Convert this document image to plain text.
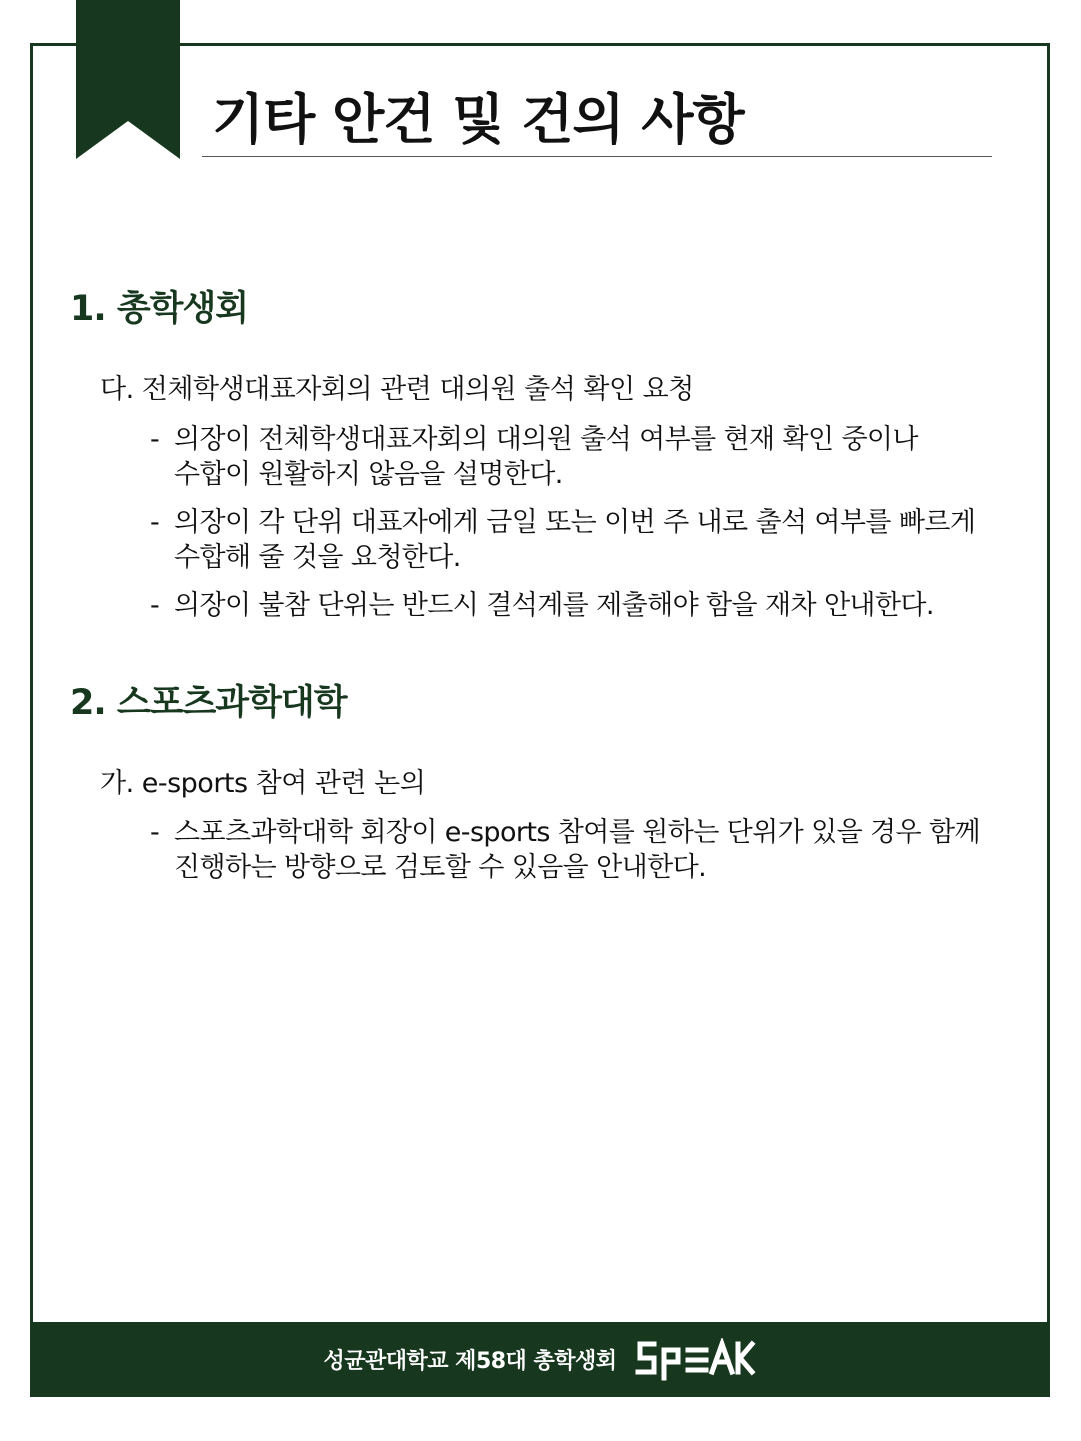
기타 안건 및 건의 사항
1. 총학생회

다. 전체학생대표자회의 관련 대의원 출석 확인 요청

- 의장이 전체학생대표자회의 대의원 출석 여부를 현재 확인 중이나
수합이 원활하지 않음을 설명한다.
- 의장이 각 단위 대표자에게 금일 또는 이번 주 내로 출석 여부를 빠르게
수합해 줄 것을 요청한다.
- 의장이 불참 단위는 반드시 결석계를 제출해야 함을 재차 안내한다.
2. 스포츠과학대학

가. e-sports 참여 관련 논의

- 스포츠과학대학 회장이 e-sports 참여를 원하는 단위가 있을 경우 함께
진행하는 방향으로 검토할 수 있음을 안내한다.
성균관대학교 제58대 총학생회
